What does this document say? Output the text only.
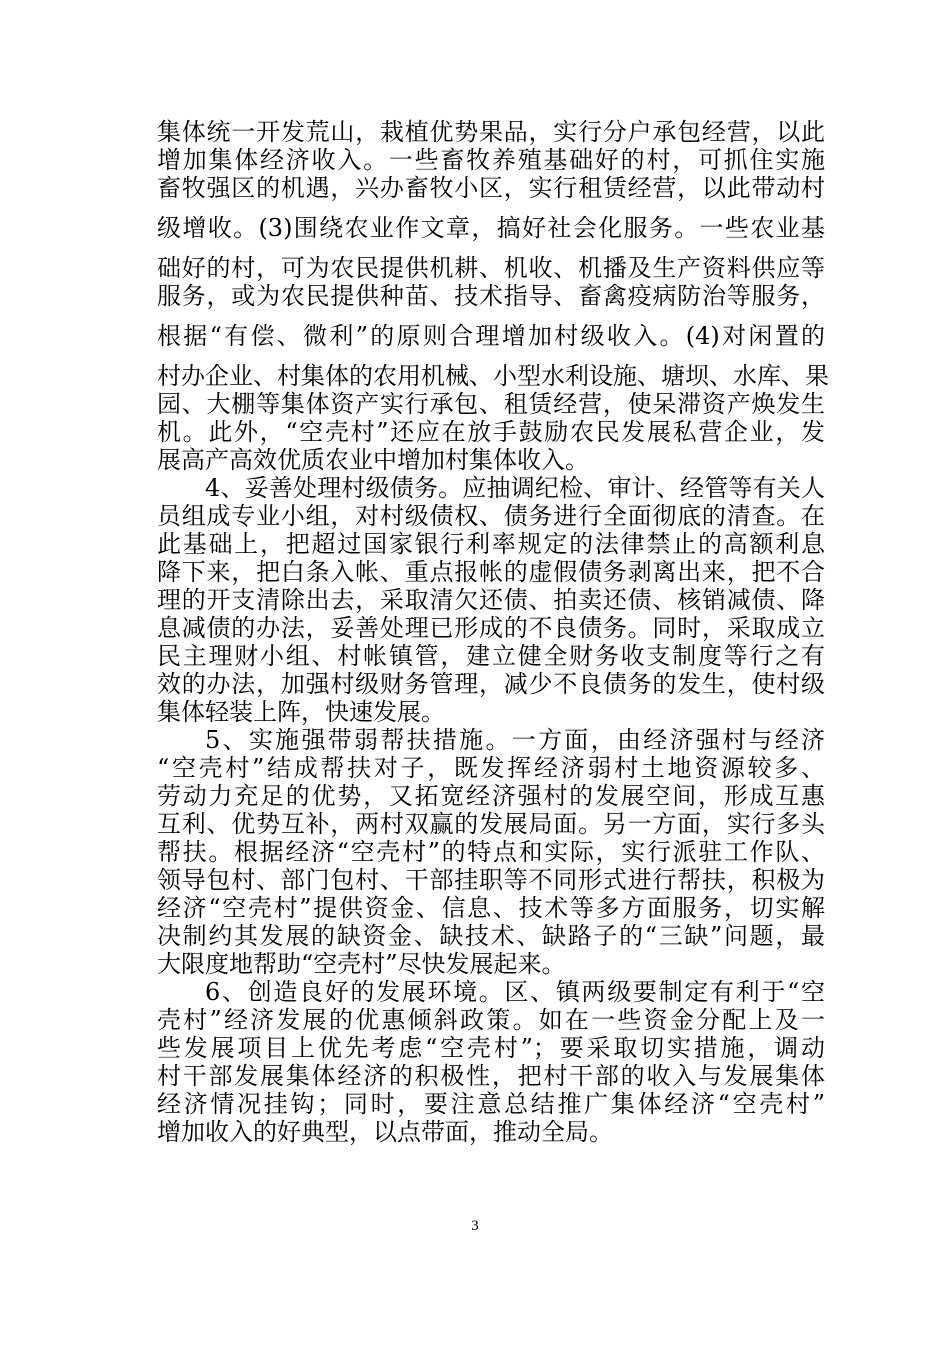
集体统一开发荒山，栽植优势果品，实行分户承包经营，以此
增加集体经济收入。一些畜牧养殖基础好的村，可抓住实施
畜牧强区的机遇，兴办畜牧小区，实行租赁经营，以此带动村
级增收。(3)围绕农业作文章，搞好社会化服务。一些农业基
础好的村，可为农民提供机耕、机收、机播及生产资料供应等
服务，或为农民提供种苗、技术指导、畜禽疫病防治等服务，
根据“有偿、微利”的原则合理增加村级收入。(4)对闲置的
村办企业、村集体的农用机械、小型水利设施、塘坝、水库、果
园、大棚等集体资产实行承包、租赁经营，使呆滞资产焕发生
机。此外，“空壳村”还应在放手鼓励农民发展私营企业，发
展高产高效优质农业中增加村集体收入。
4、妥善处理村级债务。应抽调纪检、审计、经管等有关人
员组成专业小组，对村级债权、债务进行全面彻底的清查。在
此基础上，把超过国家银行利率规定的法律禁止的高额利息
降下来，把白条入帐、重点报帐的虚假债务剥离出来，把不合
理的开支清除出去，采取清欠还债、拍卖还债、核销减债、降
息减债的办法，妥善处理已形成的不良债务。同时，采取成立
民主理财小组、村帐镇管，建立健全财务收支制度等行之有
效的办法，加强村级财务管理，减少不良债务的发生，使村级
集体轻装上阵，快速发展。
5、实施强带弱帮扶措施。一方面，由经济强村与经济
“空壳村”结成帮扶对子，既发挥经济弱村土地资源较多、
劳动力充足的优势，又拓宽经济强村的发展空间，形成互惠
互利、优势互补，两村双赢的发展局面。另一方面，实行多头
帮扶。根据经济“空壳村”的特点和实际，实行派驻工作队、
领导包村、部门包村、干部挂职等不同形式进行帮扶，积极为
经济“空壳村”提供资金、信息、技术等多方面服务，切实解
决制约其发展的缺资金、缺技术、缺路子的“三缺”问题，最
大限度地帮助“空壳村”尽快发展起来。
6、创造良好的发展环境。区、镇两级要制定有利于“空
壳村”经济发展的优惠倾斜政策。如在一些资金分配上及一
些发展项目上优先考虑“空壳村”；要采取切实措施，调动
村干部发展集体经济的积极性，把村干部的收入与发展集体
经济情况挂钩；同时，要注意总结推广集体经济“空壳村”
增加收入的好典型，以点带面，推动全局。
3
